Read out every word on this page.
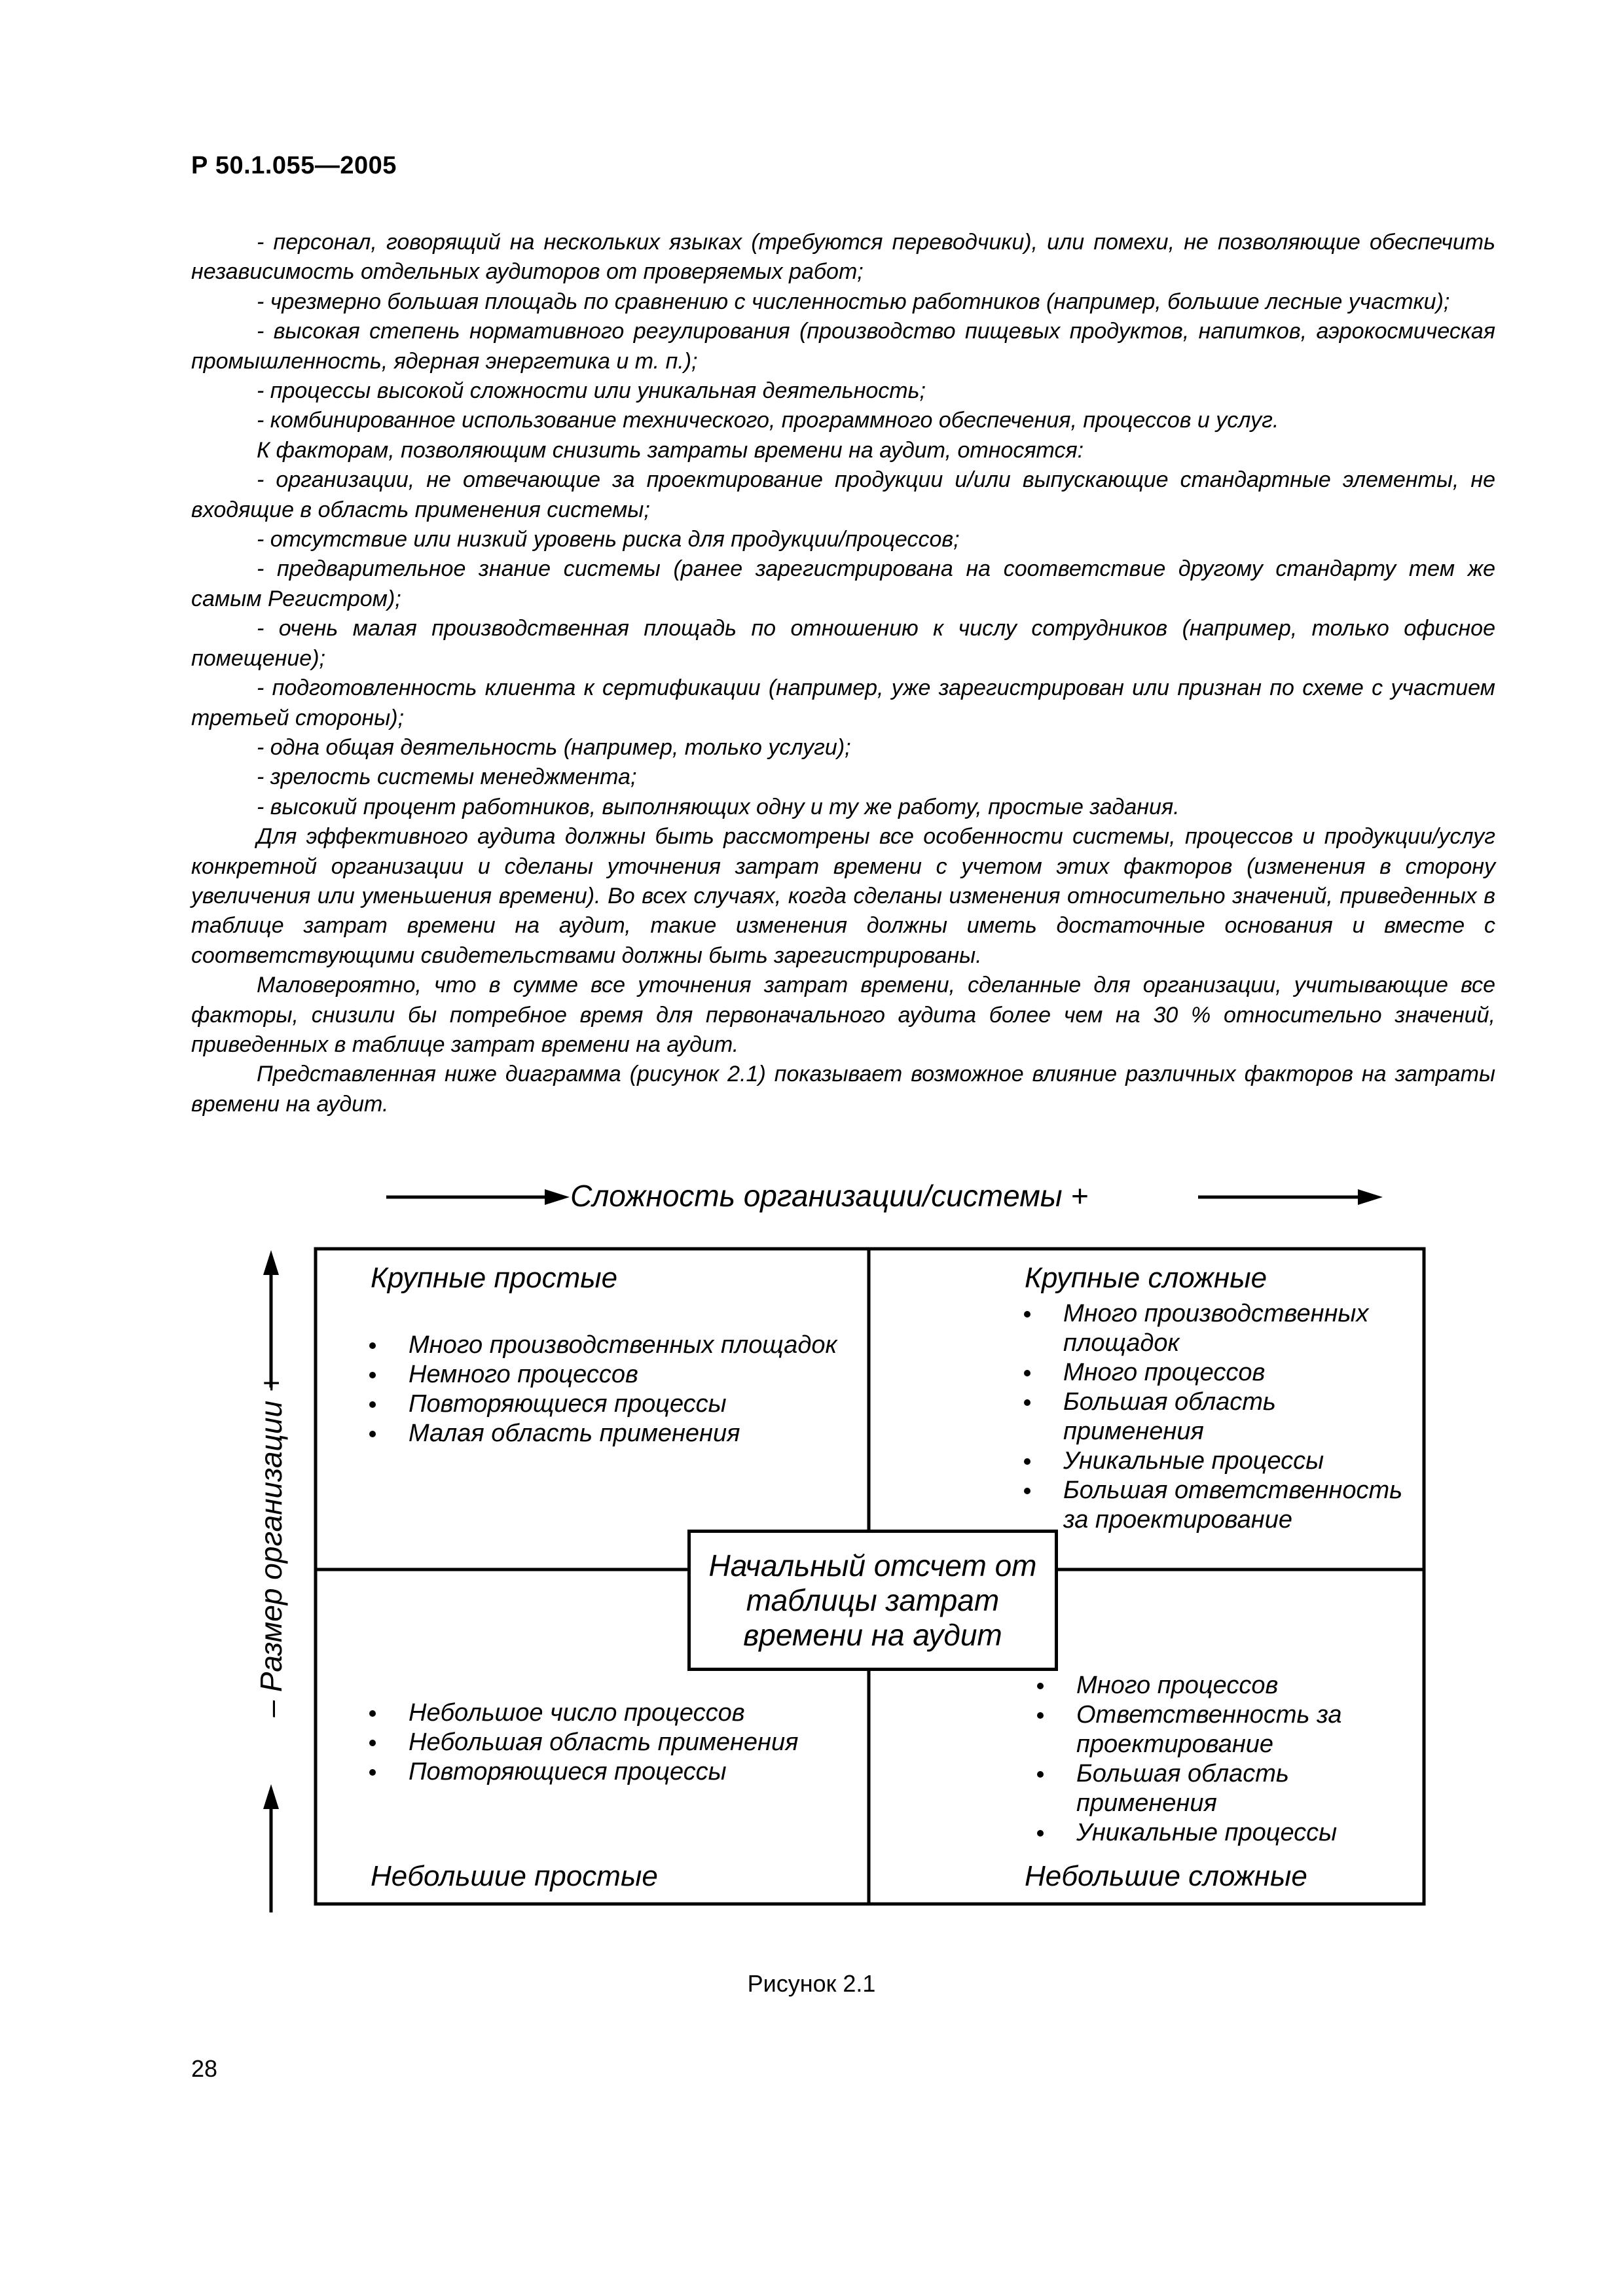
Р 50.1.055—2005

- персонал, говорящий на нескольких языках (требуются переводчики), или помехи, не позволяющие обеспечить независимость отдельных аудиторов от проверяемых работ;

- чрезмерно большая площадь по сравнению с численностью работников (например, большие лесные участки);

- высокая степень нормативного регулирования (производство пищевых продуктов, напитков, аэрокосмическая промышленность, ядерная энергетика и т. п.);

- процессы высокой сложности или уникальная деятельность;

- комбинированное использование технического, программного обеспечения, процессов и услуг.

К факторам, позволяющим снизить затраты времени на аудит, относятся:

- организации, не отвечающие за проектирование продукции и/или выпускающие стандартные элементы, не входящие в область применения системы;

- отсутствие или низкий уровень риска для продукции/процессов;

- предварительное знание системы (ранее зарегистрирована на соответствие другому стандарту тем же самым Регистром);

- очень малая производственная площадь по отношению к числу сотрудников (например, только офисное помещение);

- подготовленность клиента к сертификации (например, уже зарегистрирован или признан по схеме с участием третьей стороны);

- одна общая деятельность (например, только услуги);

- зрелость системы менеджмента;

- высокий процент работников, выполняющих одну и ту же работу, простые задания.

Для эффективного аудита должны быть рассмотрены все особенности системы, процессов и продукции/услуг конкретной организации и сделаны уточнения затрат времени с учетом этих факторов (изменения в сторону увеличения или уменьшения времени). Во всех случаях, когда сделаны изменения относительно значений, приведенных в таблице затрат времени на аудит, такие изменения должны иметь достаточные основания и вместе с соответствующими свидетельствами должны быть зарегистрированы.

Маловероятно, что в сумме все уточнения затрат времени, сделанные для организации, учитывающие все факторы, снизили бы потребное время для первоначального аудита более чем на 30 % относительно значений, приведенных в таблице затрат времени на аудит.

Представленная ниже диаграмма (рисунок 2.1) показывает возможное влияние различных факторов на затраты времени на аудит.

– Сложность организации/системы +
– Размер организации +
Крупные простые
Много производственных площадок
Немного процессов
Повторяющиеся процессы
Малая область применения
Крупные сложные
Много производственных площадок
Много процессов
Большая область применения
Уникальные процессы
Большая ответственность за проектирование
Небольшое число процессов
Небольшая область применения
Повторяющиеся процессы
Небольшие простые
Много процессов
Ответственность за проектирование
Большая область применения
Уникальные процессы
Небольшие сложные
Начальный отсчет от таблицы затрат времени на аудит
Рисунок 2.1
28
